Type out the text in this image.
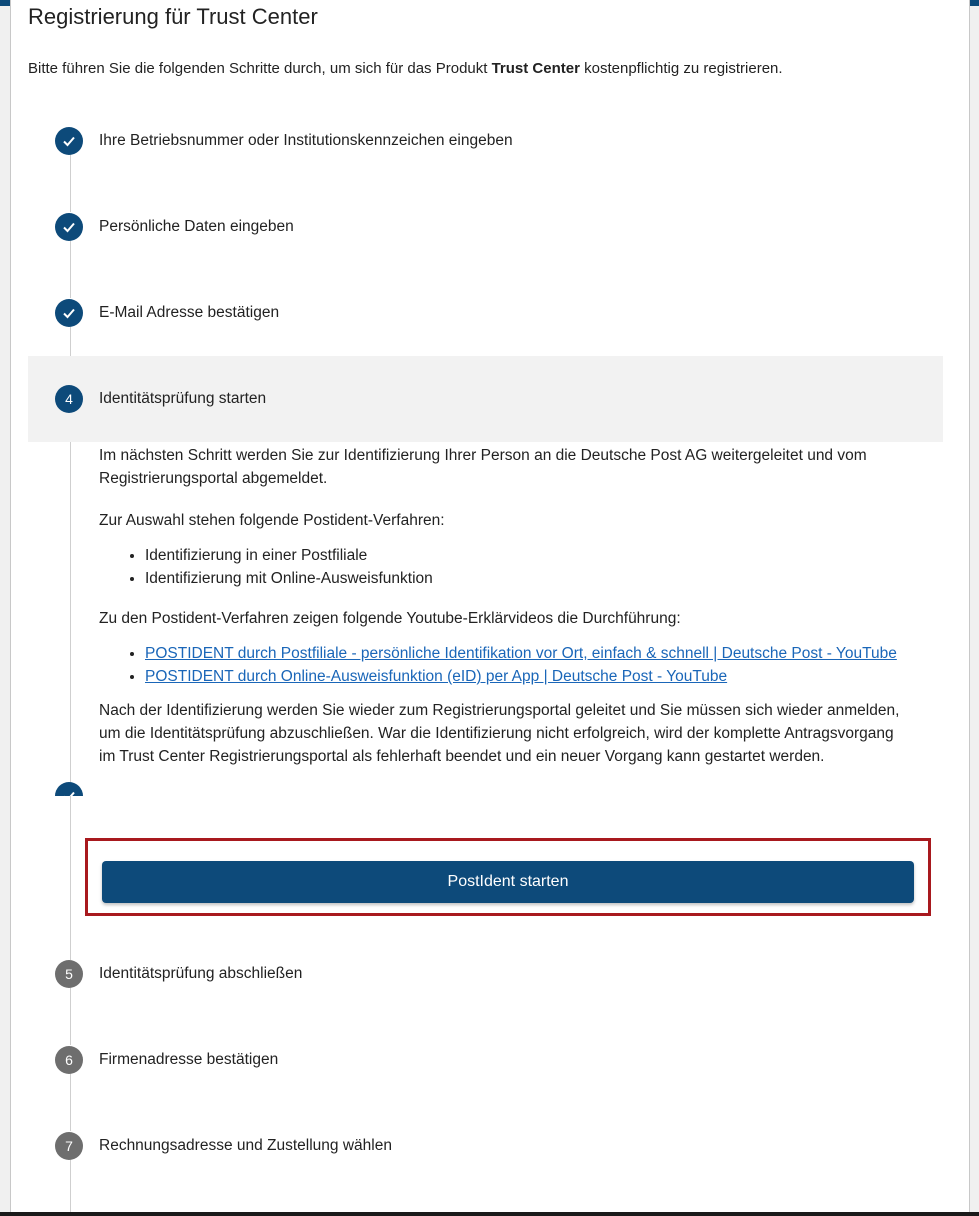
Registrierung für Trust Center
Bitte führen Sie die folgenden Schritte durch, um sich für das Produkt Trust Center kostenpflichtig zu registrieren.
Ihre Betriebsnummer oder Institutionskennzeichen eingeben
Persönliche Daten eingeben
E-Mail Adresse bestätigen
4	Identitätsprüfung starten

Im nächsten Schritt werden Sie zur Identifizierung Ihrer Person an die Deutsche Post AG weitergeleitet und vom Registrierungsportal abgemeldet.

Zur Auswahl stehen folgende Postident-Verfahren:

• Identifizierung in einer Postfiliale
• Identifizierung mit Online-Ausweisfunktion

Zu den Postident-Verfahren zeigen folgende Youtube-Erklärvideos die Durchführung:

• POSTIDENT durch Postfiliale - persönliche Identifikation vor Ort, einfach & schnell | Deutsche Post - YouTube
• POSTIDENT durch Online-Ausweisfunktion (eID) per App | Deutsche Post - YouTube

Nach der Identifizierung werden Sie wieder zum Registrierungsportal geleitet und Sie müssen sich wieder anmelden, um die Identitätsprüfung abzuschließen. War die Identifizierung nicht erfolgreich, wird der komplette Antragsvorgang im Trust Center Registrierungsportal als fehlerhaft beendet und ein neuer Vorgang kann gestartet werden.

PostIdent starten
5	Identitätsprüfung abschließen
6	Firmenadresse bestätigen
7	Rechnungsadresse und Zustellung wählen
